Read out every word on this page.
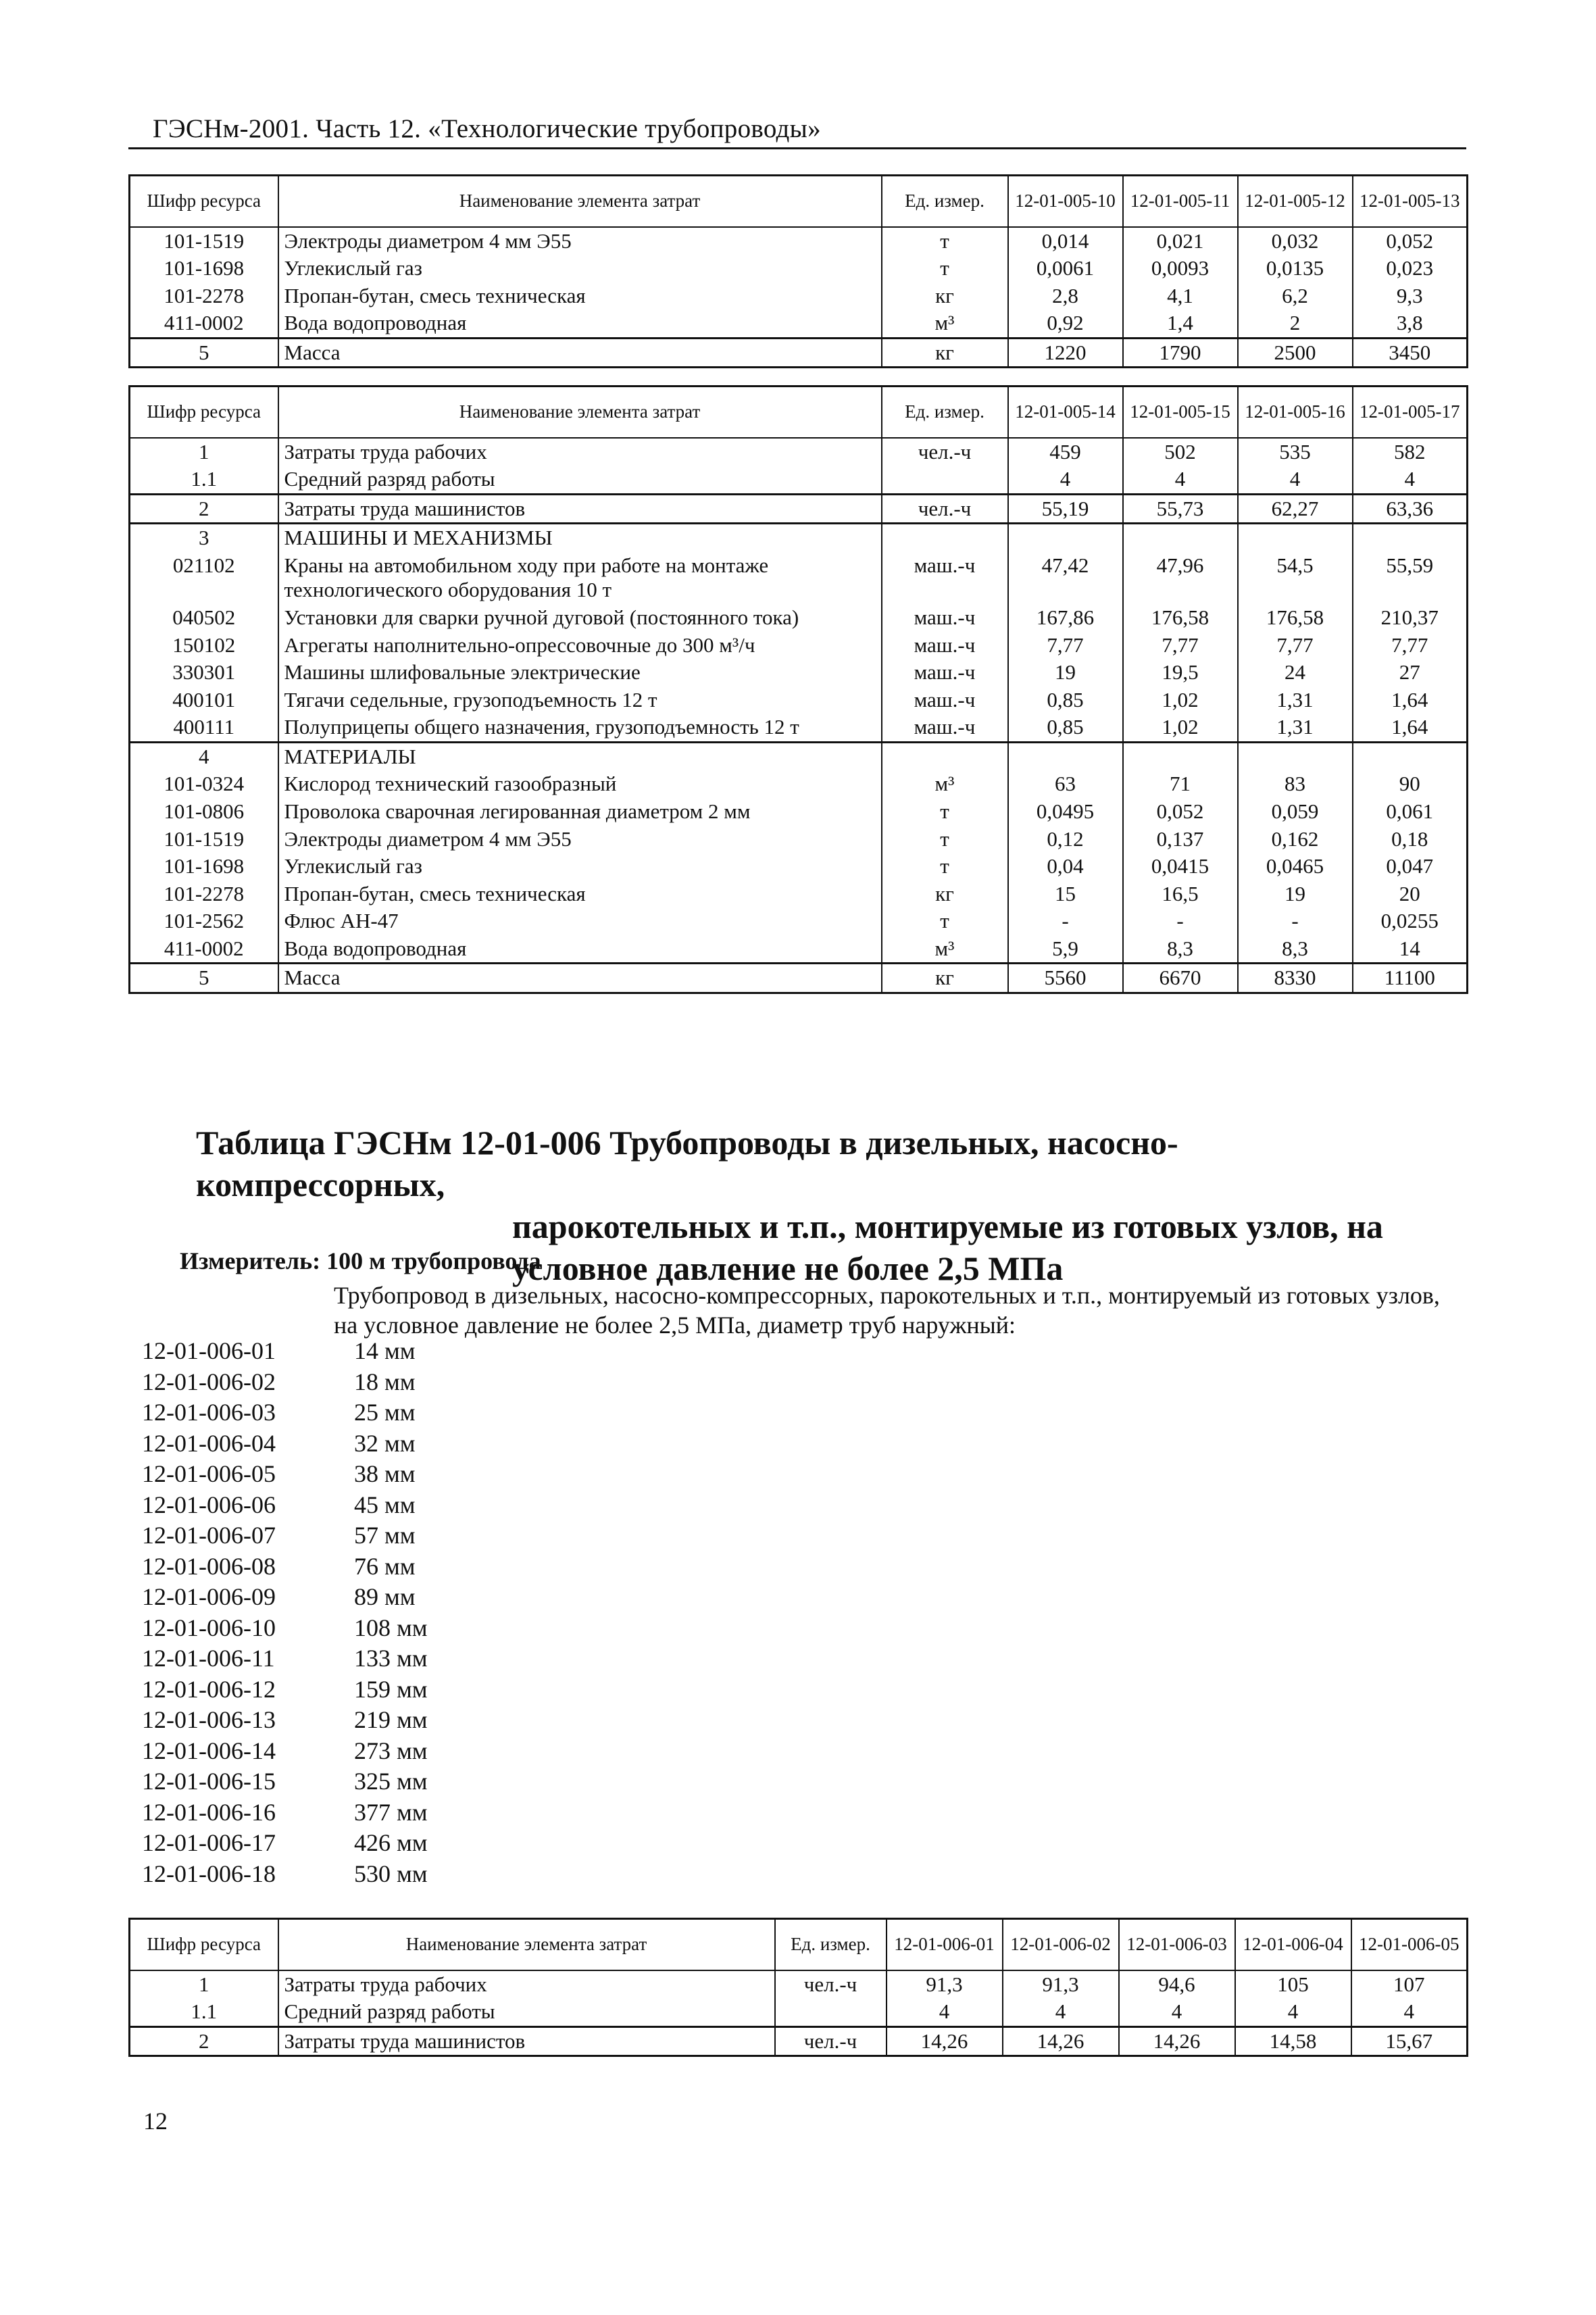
ГЭСНм-2001. Часть 12. «Технологические трубопроводы»
Шифр ресурса	Наименование элемента затрат	Ед. измер.	12-01-005-10	12-01-005-11	12-01-005-12	12-01-005-13
101-1519	Электроды диаметром 4 мм Э55	т	0,014	0,021	0,032	0,052
101-1698	Углекислый газ	т	0,0061	0,0093	0,0135	0,023
101-2278	Пропан-бутан, смесь техническая	кг	2,8	4,1	6,2	9,3
411-0002	Вода водопроводная	м³	0,92	1,4	2	3,8
5	Масса	кг	1220	1790	2500	3450
Шифр ресурса	Наименование элемента затрат	Ед. измер.	12-01-005-14	12-01-005-15	12-01-005-16	12-01-005-17
1	Затраты труда рабочих	чел.-ч	459	502	535	582
1.1	Средний разряд работы		4	4	4	4
2	Затраты труда машинистов	чел.-ч	55,19	55,73	62,27	63,36
3	МАШИНЫ И МЕХАНИЗМЫ					
021102	Краны на автомобильном ходу при работе на монтаже технологического оборудования 10 т	маш.-ч	47,42	47,96	54,5	55,59
040502	Установки для сварки ручной дуговой (постоянного тока)	маш.-ч	167,86	176,58	176,58	210,37
150102	Агрегаты наполнительно-опрессовочные до 300 м³/ч	маш.-ч	7,77	7,77	7,77	7,77
330301	Машины шлифовальные электрические	маш.-ч	19	19,5	24	27
400101	Тягачи седельные, грузоподъемность 12 т	маш.-ч	0,85	1,02	1,31	1,64
400111	Полуприцепы общего назначения, грузоподъемность 12 т	маш.-ч	0,85	1,02	1,31	1,64
4	МАТЕРИАЛЫ					
101-0324	Кислород технический газообразный	м³	63	71	83	90
101-0806	Проволока сварочная легированная диаметром 2 мм	т	0,0495	0,052	0,059	0,061
101-1519	Электроды диаметром 4 мм Э55	т	0,12	0,137	0,162	0,18
101-1698	Углекислый газ	т	0,04	0,0415	0,0465	0,047
101-2278	Пропан-бутан, смесь техническая	кг	15	16,5	19	20
101-2562	Флюс АН-47	т	-	-	-	0,0255
411-0002	Вода водопроводная	м³	5,9	8,3	8,3	14
5	Масса	кг	5560	6670	8330	11100
Таблица ГЭСНм 12-01-006 Трубопроводы в дизельных, насосно-компрессорных,
парокотельных и т.п., монтируемые из готовых узлов, на
условное давление не более 2,5 МПа
Измеритель: 100 м трубопровода
Трубопровод в дизельных, насосно-компрессорных, парокотельных и т.п., монтируемый из готовых узлов, на условное давление не более 2,5 МПа, диаметр труб наружный:
12-01-006-01	14 мм
12-01-006-02	18 мм
12-01-006-03	25 мм
12-01-006-04	32 мм
12-01-006-05	38 мм
12-01-006-06	45 мм
12-01-006-07	57 мм
12-01-006-08	76 мм
12-01-006-09	89 мм
12-01-006-10	108 мм
12-01-006-11	133 мм
12-01-006-12	159 мм
12-01-006-13	219 мм
12-01-006-14	273 мм
12-01-006-15	325 мм
12-01-006-16	377 мм
12-01-006-17	426 мм
12-01-006-18	530 мм
Шифр ресурса	Наименование элемента затрат	Ед. измер.	12-01-006-01	12-01-006-02	12-01-006-03	12-01-006-04	12-01-006-05
1	Затраты труда рабочих	чел.-ч	91,3	91,3	94,6	105	107
1.1	Средний разряд работы		4	4	4	4	4
2	Затраты труда машинистов	чел.-ч	14,26	14,26	14,26	14,58	15,67
12
